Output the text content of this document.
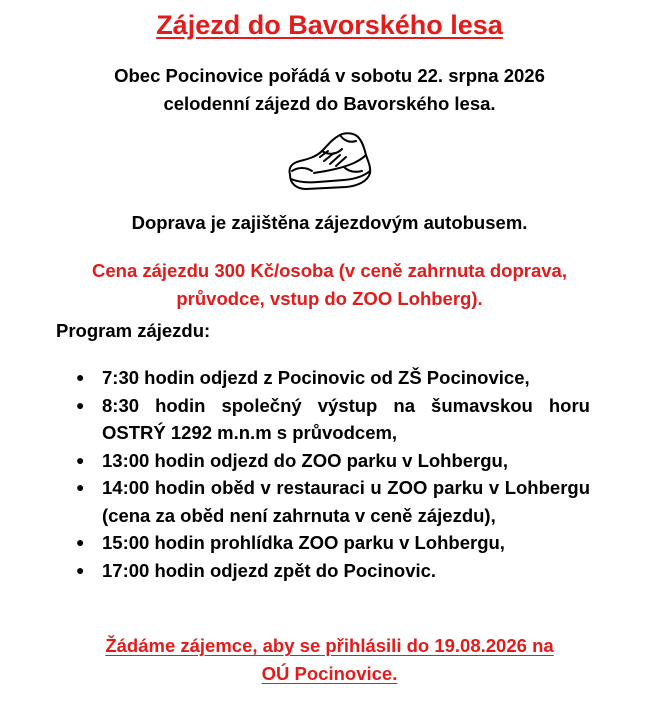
Zájezd do Bavorského lesa
Obec Pocinovice pořádá v sobotu 22. srpna 2026
celodenní zájezd do Bavorského lesa.
Doprava je zajištěna zájezdovým autobusem.
Cena zájezdu 300 Kč/osoba (v ceně zahrnuta doprava,
průvodce, vstup do ZOO Lohberg).
Program zájezdu:
● 7:30 hodin odjezd z Pocinovic od ZŠ Pocinovice,
● 8:30 hodin společný výstup na šumavskou horu OSTRÝ 1292 m.n.m s průvodcem,
● 13:00 hodin odjezd do ZOO parku v Lohbergu,
● 14:00 hodin oběd v restauraci u ZOO parku v Lohbergu (cena za oběd není zahrnuta v ceně zájezdu),
● 15:00 hodin prohlídka ZOO parku v Lohbergu,
● 17:00 hodin odjezd zpět do Pocinovic.
Žádáme zájemce, aby se přihlásili do 19.08.2026 na
OÚ Pocinovice.
